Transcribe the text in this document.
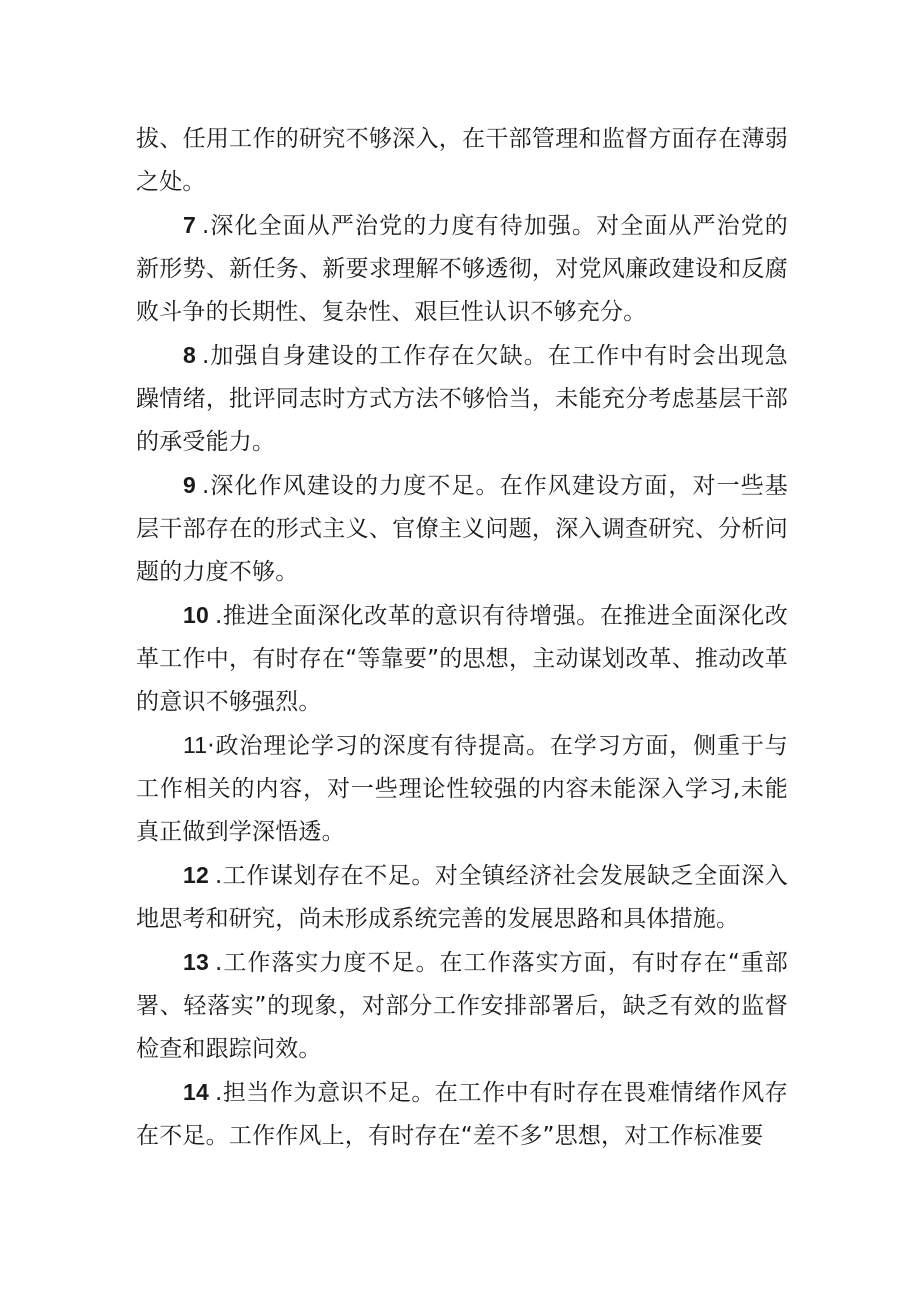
拔、任用工作的研究不够深入，在干部管理和监督方面存在薄弱之处。

7 .深化全面从严治党的力度有待加强。对全面从严治党的新形势、新任务、新要求理解不够透彻，对党风廉政建设和反腐败斗争的长期性、复杂性、艰巨性认识不够充分。

8 .加强自身建设的工作存在欠缺。在工作中有时会出现急躁情绪，批评同志时方式方法不够恰当，未能充分考虑基层干部的承受能力。

9 .深化作风建设的力度不足。在作风建设方面，对一些基层干部存在的形式主义、官僚主义问题，深入调查研究、分析问题的力度不够。

10 .推进全面深化改革的意识有待增强。在推进全面深化改革工作中，有时存在“等靠要”的思想，主动谋划改革、推动改革的意识不够强烈。

11·政治理论学习的深度有待提高。在学习方面，侧重于与工作相关的内容，对一些理论性较强的内容未能深入学习,未能真正做到学深悟透。

12 .工作谋划存在不足。对全镇经济社会发展缺乏全面深入地思考和研究，尚未形成系统完善的发展思路和具体措施。

13 .工作落实力度不足。在工作落实方面，有时存在“重部署、轻落实”的现象，对部分工作安排部署后，缺乏有效的监督检查和跟踪问效。

14 .担当作为意识不足。在工作中有时存在畏难情绪作风存在不足。工作作风上，有时存在“差不多”思想，对工作标准要
